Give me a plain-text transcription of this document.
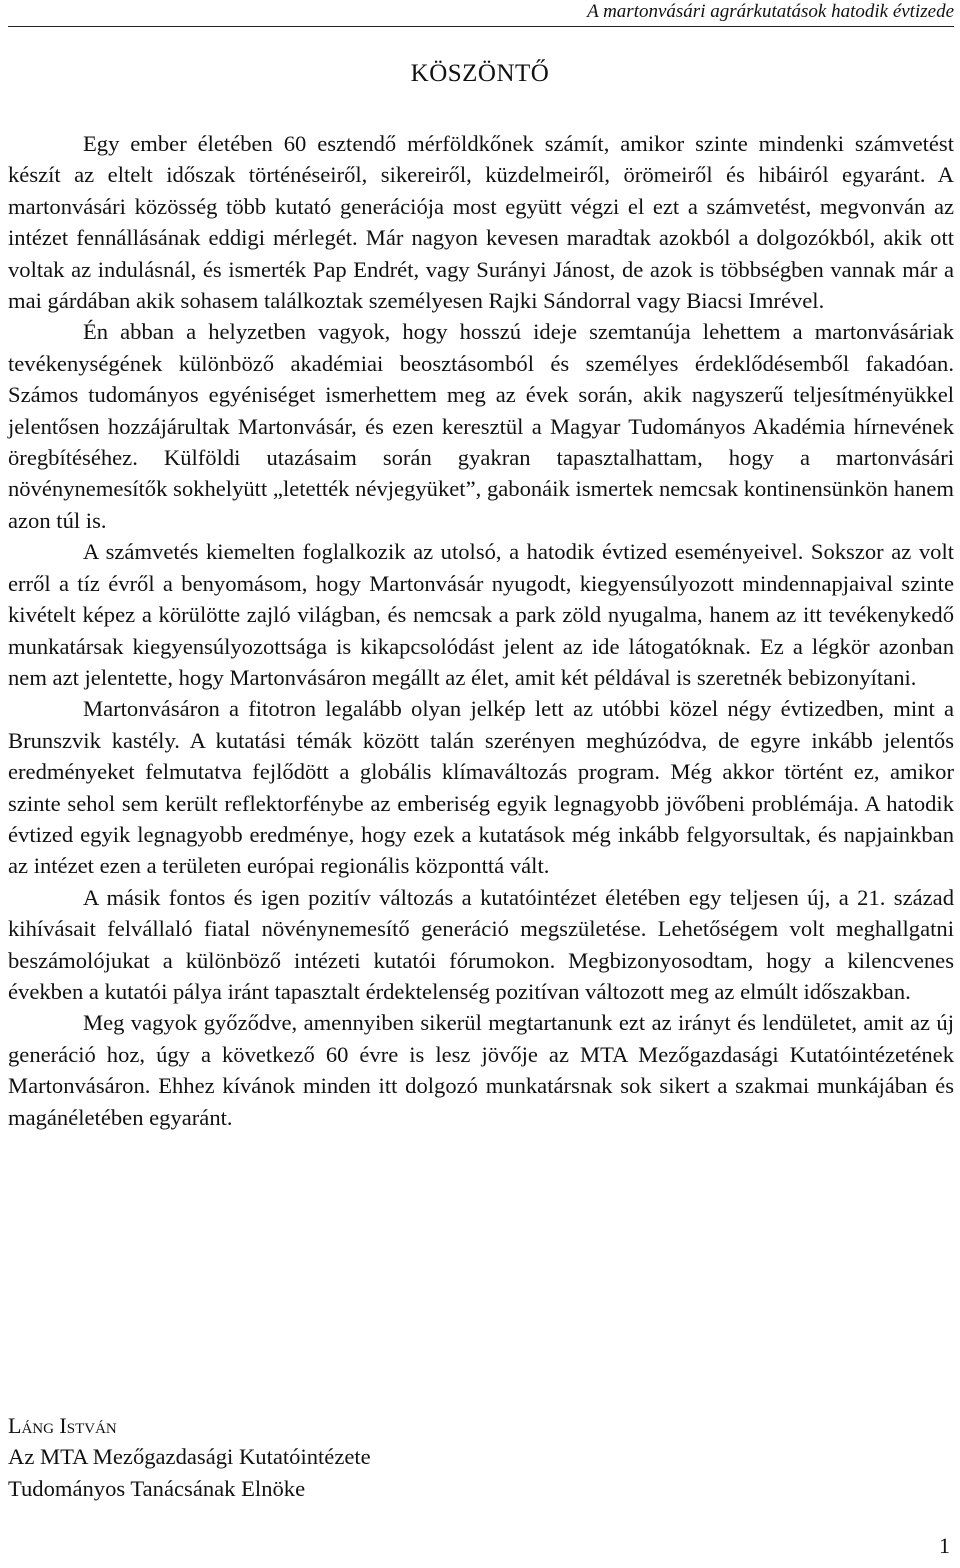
A martonvásári agrárkutatások hatodik évtizede
KÖSZÖNTŐ

Egy ember életében 60 esztendő mérföldkőnek számít, amikor szinte mindenki számvetést készít az eltelt időszak történéseiről, sikereiről, küzdelmeiről, örömeiről és hibáiról egyaránt. A martonvásári közösség több kutató generációja most együtt végzi el ezt a számvetést, megvonván az intézet fennállásának eddigi mérlegét. Már nagyon kevesen maradtak azokból a dolgozókból, akik ott voltak az indulásnál, és ismerték Pap Endrét, vagy Surányi Jánost, de azok is többségben vannak már a mai gárdában akik sohasem találkoztak személyesen Rajki Sándorral vagy Biacsi Imrével.

Én abban a helyzetben vagyok, hogy hosszú ideje szemtanúja lehettem a martonvásáriak tevékenységének különböző akadémiai beosztásomból és személyes érdeklődésemből fakadóan. Számos tudományos egyéniséget ismerhettem meg az évek során, akik nagyszerű teljesítményükkel jelentősen hozzájárultak Martonvásár, és ezen keresztül a Magyar Tudományos Akadémia hírnevének öregbítéséhez. Külföldi utazásaim során gyakran tapasztalhattam, hogy a martonvásári növénynemesítők sokhelyütt „letették névjegyüket”, gabonáik ismertek nemcsak kontinensünkön hanem azon túl is.

A számvetés kiemelten foglalkozik az utolsó, a hatodik évtized eseményeivel. Sokszor az volt erről a tíz évről a benyomásom, hogy Martonvásár nyugodt, kiegyensúlyozott mindennapjaival szinte kivételt képez a körülötte zajló világban, és nemcsak a park zöld nyugalma, hanem az itt tevékenykedő munkatársak kiegyensúlyozottsága is kikapcsolódást jelent az ide látogatóknak. Ez a légkör azonban nem azt jelentette, hogy Martonvásáron megállt az élet, amit két példával is szeretnék bebizonyítani.

Martonvásáron a fitotron legalább olyan jelkép lett az utóbbi közel négy évtizedben, mint a Brunszvik kastély. A kutatási témák között talán szerényen meghúzódva, de egyre inkább jelentős eredményeket felmutatva fejlődött a globális klímaváltozás program. Még akkor történt ez, amikor szinte sehol sem került reflektorfénybe az emberiség egyik legnagyobb jövőbeni problémája. A hatodik évtized egyik legnagyobb eredménye, hogy ezek a kutatások még inkább felgyorsultak, és napjainkban az intézet ezen a területen európai regionális központtá vált.

A másik fontos és igen pozitív változás a kutatóintézet életében egy teljesen új, a 21. század kihívásait felvállaló fiatal növénynemesítő generáció megszületése. Lehetőségem volt meghallgatni beszámolójukat a különböző intézeti kutatói fórumokon. Megbizonyosodtam, hogy a kilencvenes években a kutatói pálya iránt tapasztalt érdektelenség pozitívan változott meg az elmúlt időszakban.

Meg vagyok győződve, amennyiben sikerül megtartanunk ezt az irányt és lendületet, amit az új generáció hoz, úgy a következő 60 évre is lesz jövője az MTA Mezőgazdasági Kutatóintézetének Martonvásáron. Ehhez kívánok minden itt dolgozó munkatársnak sok sikert a szakmai munkájában és magánéletében egyaránt.

Láng István
Az MTA Mezőgazdasági Kutatóintézete
Tudományos Tanácsának Elnöke
1
